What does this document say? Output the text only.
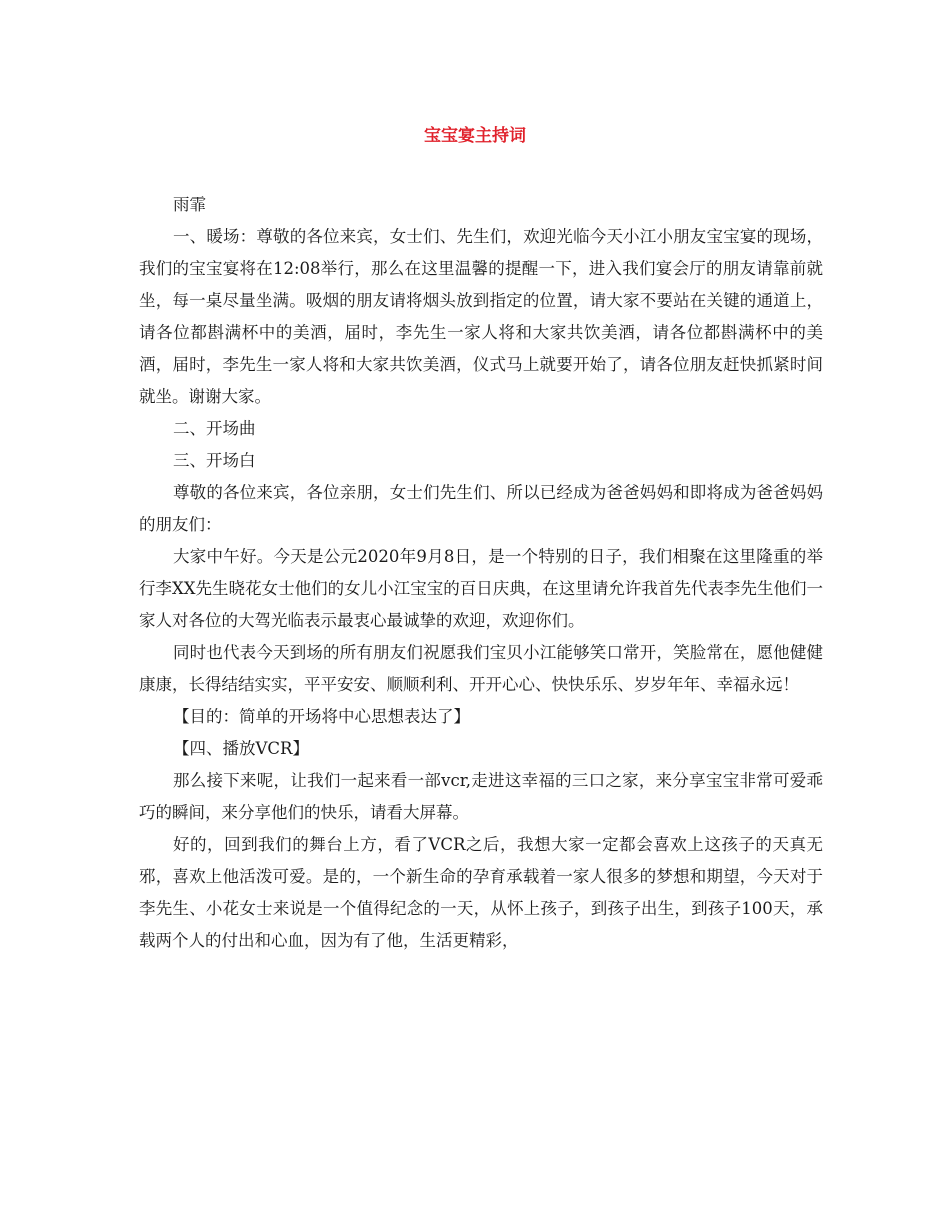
宝宝宴主持词

雨霏

一、暖场：尊敬的各位来宾，女士们、先生们，欢迎光临今天小江小朋友宝宝宴的现场，我们的宝宝宴将在12:08举行，那么在这里温馨的提醒一下，进入我们宴会厅的朋友请靠前就坐，每一桌尽量坐满。吸烟的朋友请将烟头放到指定的位置，请大家不要站在关键的通道上，请各位都斟满杯中的美酒，届时，李先生一家人将和大家共饮美酒，请各位都斟满杯中的美酒，届时，李先生一家人将和大家共饮美酒，仪式马上就要开始了，请各位朋友赶快抓紧时间就坐。谢谢大家。

二、开场曲

三、开场白

尊敬的各位来宾，各位亲朋，女士们先生们、所以已经成为爸爸妈妈和即将成为爸爸妈妈的朋友们：

大家中午好。今天是公元2020年9月8日，是一个特别的日子，我们相聚在这里隆重的举行李XX先生晓花女士他们的女儿小江宝宝的百日庆典，在这里请允许我首先代表李先生他们一家人对各位的大驾光临表示最衷心最诚挚的欢迎，欢迎你们。

同时也代表今天到场的所有朋友们祝愿我们宝贝小江能够笑口常开，笑脸常在，愿他健健康康，长得结结实实，平平安安、顺顺利利、开开心心、快快乐乐、岁岁年年、幸福永远！

【目的：简单的开场将中心思想表达了】

【四、播放VCR】

那么接下来呢，让我们一起来看一部vcr,走进这幸福的三口之家，来分享宝宝非常可爱乖巧的瞬间，来分享他们的快乐，请看大屏幕。

好的，回到我们的舞台上方，看了VCR之后，我想大家一定都会喜欢上这孩子的天真无邪，喜欢上他活泼可爱。是的，一个新生命的孕育承载着一家人很多的梦想和期望，今天对于李先生、小花女士来说是一个值得纪念的一天，从怀上孩子，到孩子出生，到孩子100天，承载两个人的付出和心血，因为有了他，生活更精彩，
